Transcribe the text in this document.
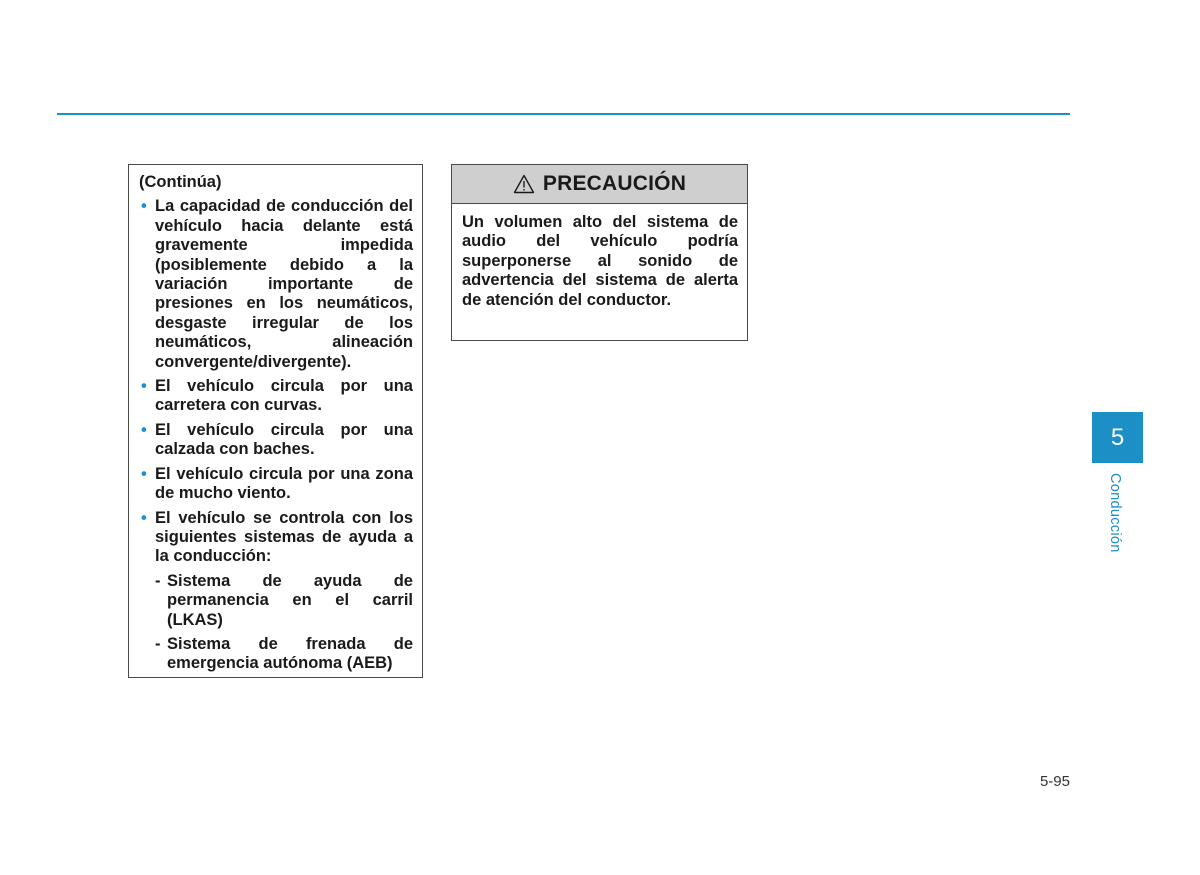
(Continúa)
• La capacidad de conducción del vehículo hacia delante está gravemente impedida (posiblemente debido a la variación importante de presiones en los neumáticos, desgaste irregular de los neumáticos, alineación convergente/divergente).
• El vehículo circula por una carretera con curvas.
• El vehículo circula por una calzada con baches.
• El vehículo circula por una zona de mucho viento.
• El vehículo se controla con los siguientes sistemas de ayuda a la conducción:
- Sistema de ayuda de permanencia en el carril (LKAS)
- Sistema de frenada de emergencia autónoma (AEB)
PRECAUCIÓN
Un volumen alto del sistema de audio del vehículo podría superponerse al sonido de advertencia del sistema de alerta de atención del conductor.
5
Conducción
5-95
